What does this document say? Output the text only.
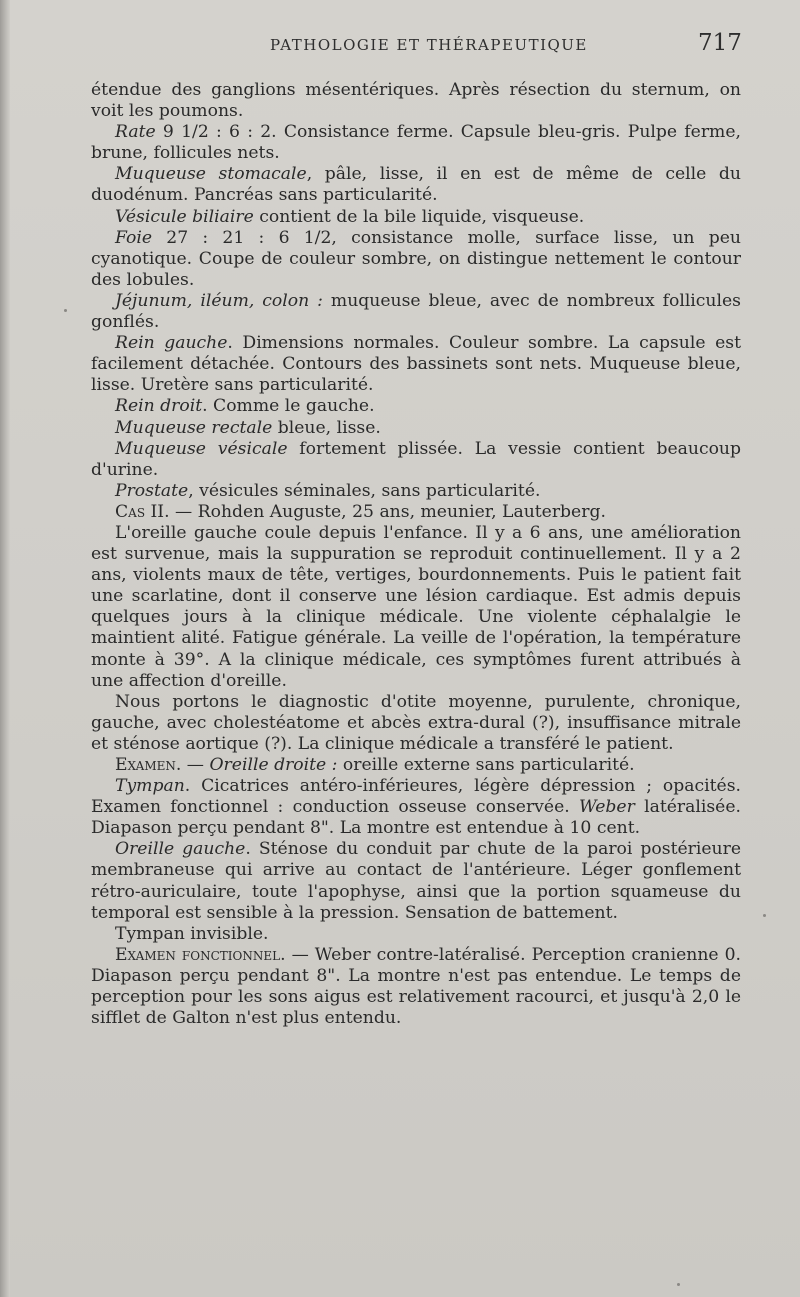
PATHOLOGIE ET THÉRAPEUTIQUE	717

étendue des ganglions mésentériques. Après résection du sternum, on voit les poumons.

Rate 9 1/2 : 6 : 2. Consistance ferme. Capsule bleu-gris. Pulpe ferme, brune, follicules nets.

Muqueuse stomacale, pâle, lisse, il en est de même de celle du duodénum. Pancréas sans particularité.

Vésicule biliaire contient de la bile liquide, visqueuse.

Foie 27 : 21 : 6 1/2, consistance molle, surface lisse, un peu cyanotique. Coupe de couleur sombre, on distingue nettement le contour des lobules.

Jéjunum, iléum, colon : muqueuse bleue, avec de nombreux follicules gonflés.

Rein gauche. Dimensions normales. Couleur sombre. La capsule est facilement détachée. Contours des bassinets sont nets. Muqueuse bleue, lisse. Uretère sans particularité.

Rein droit. Comme le gauche.

Muqueuse rectale bleue, lisse.

Muqueuse vésicale fortement plissée. La vessie contient beaucoup d'urine.

Prostate, vésicules séminales, sans particularité.

Cas II. — Rohden Auguste, 25 ans, meunier, Lauterberg.

L'oreille gauche coule depuis l'enfance. Il y a 6 ans, une amélioration est survenue, mais la suppuration se reproduit continuellement. Il y a 2 ans, violents maux de tête, vertiges, bourdonnements. Puis le patient fait une scarlatine, dont il conserve une lésion cardiaque. Est admis depuis quelques jours à la clinique médicale. Une violente céphalalgie le maintient alité. Fatigue générale. La veille de l'opération, la température monte à 39°. A la clinique médicale, ces symptômes furent attribués à une affection d'oreille.

Nous portons le diagnostic d'otite moyenne, purulente, chronique, gauche, avec cholestéatome et abcès extra-dural (?), insuffisance mitrale et sténose aortique (?). La clinique médicale a transféré le patient.

Examen. — Oreille droite : oreille externe sans particularité.

Tympan. Cicatrices antéro-inférieures, légère dépression ; opacités. Examen fonctionnel : conduction osseuse conservée. Weber latéralisée. Diapason perçu pendant 8". La montre est entendue à 10 cent.

Oreille gauche. Sténose du conduit par chute de la paroi postérieure membraneuse qui arrive au contact de l'antérieure. Léger gonflement rétro-auriculaire, toute l'apophyse, ainsi que la portion squameuse du temporal est sensible à la pression. Sensation de battement.

Tympan invisible.

Examen fonctionnel. — Weber contre-latéralisé. Perception cranienne 0. Diapason perçu pendant 8". La montre n'est pas entendue. Le temps de perception pour les sons aigus est relativement racourci, et jusqu'à 2,0 le sifflet de Galton n'est plus entendu.
